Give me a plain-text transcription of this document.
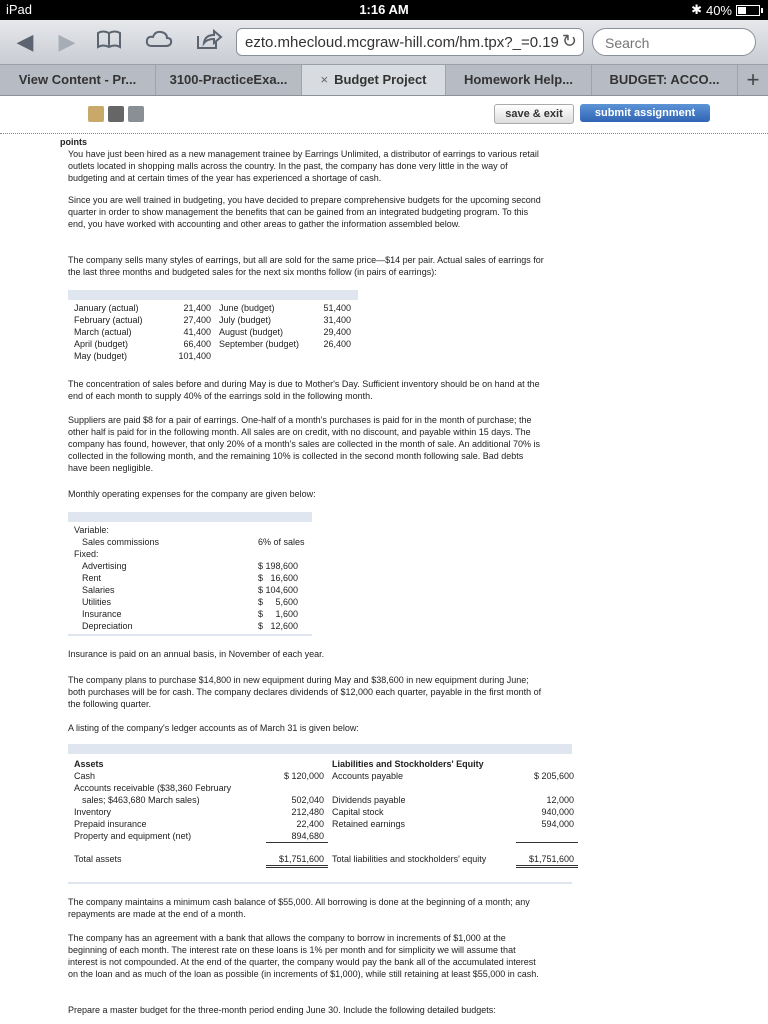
iPad	1:16 AM	✱ 40%
◀ ▶	ezto.mhecloud.mcgraw-hill.com/hm.tpx?_=0.19 ↻
Search
View Content - Pr...	3100-PracticeExa...	× Budget Project	Homework Help...	BUDGET: ACCO...	+
save & exit	submit assignment
points
You have just been hired as a new management trainee by Earrings Unlimited, a distributor of earrings to various retail outlets located in shopping malls across the country. In the past, the company has done very little in the way of budgeting and at certain times of the year has experienced a shortage of cash.
Since you are well trained in budgeting, you have decided to prepare comprehensive budgets for the upcoming second quarter in order to show management the benefits that can be gained from an integrated budgeting program. To this end, you have worked with accounting and other areas to gather the information assembled below.
The company sells many styles of earrings, but all are sold for the same price—$14 per pair. Actual sales of earrings for the last three months and budgeted sales for the next six months follow (in pairs of earrings):
January (actual)	21,400	June (budget)	51,400
February (actual)	27,400	July (budget)	31,400
March (actual)	41,400	August (budget)	29,400
April (budget)	66,400	September (budget)	26,400
May (budget)	101,400		
The concentration of sales before and during May is due to Mother's Day. Sufficient inventory should be on hand at the end of each month to supply 40% of the earrings sold in the following month.
Suppliers are paid $8 for a pair of earrings. One-half of a month's purchases is paid for in the month of purchase; the other half is paid for in the following month. All sales are on credit, with no discount, and payable within 15 days. The company has found, however, that only 20% of a month's sales are collected in the month of sale. An additional 70% is collected in the following month, and the remaining 10% is collected in the second month following sale. Bad debts have been negligible.
Monthly operating expenses for the company are given below:
Variable:	
Sales commissions	6% of sales
Fixed:	
Advertising	$ 198,600
Rent	$ 16,600
Salaries	$ 104,600
Utilities	$ 5,600
Insurance	$ 1,600
Depreciation	$ 12,600
Insurance is paid on an annual basis, in November of each year.
The company plans to purchase $14,800 in new equipment during May and $38,600 in new equipment during June; both purchases will be for cash. The company declares dividends of $12,000 each quarter, payable in the first month of the following quarter.
A listing of the company's ledger accounts as of March 31 is given below:
Assets		Liabilities and Stockholders' Equity	
Cash	$ 120,000	Accounts payable	$ 205,600
Accounts receivable ($38,360 February			
sales; $463,680 March sales)	502,040	Dividends payable	12,000
Inventory	212,480	Capital stock	940,000
Prepaid insurance	22,400	Retained earnings	594,000
Property and equipment (net)	894,680		

Total assets	$1,751,600	Total liabilities and stockholders' equity	$1,751,600
The company maintains a minimum cash balance of $55,000. All borrowing is done at the beginning of a month; any repayments are made at the end of a month.
The company has an agreement with a bank that allows the company to borrow in increments of $1,000 at the beginning of each month. The interest rate on these loans is 1% per month and for simplicity we will assume that interest is not compounded. At the end of the quarter, the company would pay the bank all of the accumulated interest on the loan and as much of the loan as possible (in increments of $1,000), while still retaining at least $55,000 in cash.
Prepare a master budget for the three-month period ending June 30. Include the following detailed budgets:
